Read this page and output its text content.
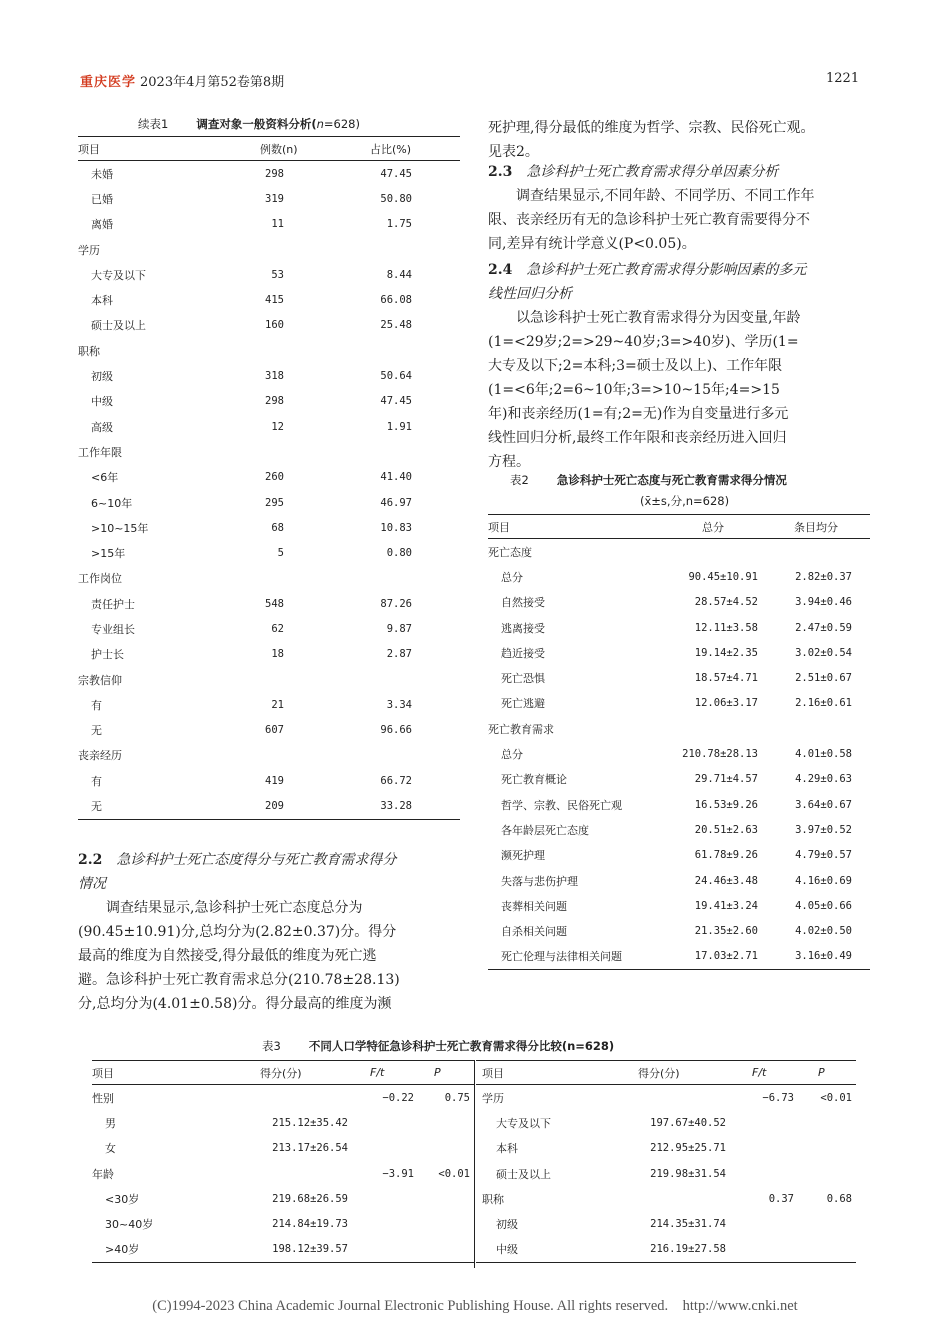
重庆医学 2023年4月第52卷第8期	1221
续表1 调查对象一般资料分析(n=628)
项目	例数(n)	占比(%)
未婚	298	47.45
已婚	319	50.80
离婚	11	1.75
学历		
大专及以下	53	8.44
本科	415	66.08
硕士及以上	160	25.48
职称		
初级	318	50.64
中级	298	47.45
高级	12	1.91
工作年限		
<6年	260	41.40
6~10年	295	46.97
>10~15年	68	10.83
>15年	5	0.80
工作岗位		
责任护士	548	87.26
专业组长	62	9.87
护士长	18	2.87
宗教信仰		
有	21	3.34
无	607	96.66
丧亲经历		
有	419	66.72
无	209	33.28
2.2 急诊科护士死亡态度得分与死亡教育需求得分
情况
调查结果显示,急诊科护士死亡态度总分为
(90.45±10.91)分,总均分为(2.82±0.37)分。得分
最高的维度为自然接受,得分最低的维度为死亡逃
避。急诊科护士死亡教育需求总分(210.78±28.13)
分,总均分为(4.01±0.58)分。得分最高的维度为濒
死护理,得分最低的维度为哲学、宗教、民俗死亡观。
见表2。
2.3 急诊科护士死亡教育需求得分单因素分析
调查结果显示,不同年龄、不同学历、不同工作年
限、丧亲经历有无的急诊科护士死亡教育需要得分不
同,差异有统计学意义(P<0.05)。
2.4 急诊科护士死亡教育需求得分影响因素的多元
线性回归分析
以急诊科护士死亡教育需求得分为因变量,年龄
(1=<29岁;2=>29~40岁;3=>40岁)、学历(1=
大专及以下;2=本科;3=硕士及以上)、工作年限
(1=<6年;2=6~10年;3=>10~15年;4=>15
年)和丧亲经历(1=有;2=无)作为自变量进行多元
线性回归分析,最终工作年限和丧亲经历进入回归
方程。
表2 急诊科护士死亡态度与死亡教育需求得分情况
(x̄±s,分,n=628)
项目	总分	条目均分
死亡态度		
总分	90.45±10.91	2.82±0.37
自然接受	28.57±4.52	3.94±0.46
逃离接受	12.11±3.58	2.47±0.59
趋近接受	19.14±2.35	3.02±0.54
死亡恐惧	18.57±4.71	2.51±0.67
死亡逃避	12.06±3.17	2.16±0.61
死亡教育需求		
总分	210.78±28.13	4.01±0.58
死亡教育概论	29.71±4.57	4.29±0.63
哲学、宗教、民俗死亡观	16.53±9.26	3.64±0.67
各年龄层死亡态度	20.51±2.63	3.97±0.52
濒死护理	61.78±9.26	4.79±0.57
失落与悲伤护理	24.46±3.48	4.16±0.69
丧葬相关问题	19.41±3.24	4.05±0.66
自杀相关问题	21.35±2.60	4.02±0.50
死亡伦理与法律相关问题	17.03±2.71	3.16±0.49
表3 不同人口学特征急诊科护士死亡教育需求得分比较(n=628)
项目	得分(分)	F/t	P
性别		−0.22	0.75
男	215.12±35.42		
女	213.17±26.54		
年龄		−3.91	<0.01
<30岁	219.68±26.59		
30~40岁	214.84±19.73		
>40岁	198.12±39.57		
项目	得分(分)	F/t	P
学历		−6.73	<0.01
大专及以下	197.67±40.52		
本科	212.95±25.71		
硕士及以上	219.98±31.54		
职称		0.37	0.68
初级	214.35±31.74		
中级	216.19±27.58		
(C)1994-2023 China Academic Journal Electronic Publishing House. All rights reserved. http://www.cnki.net
